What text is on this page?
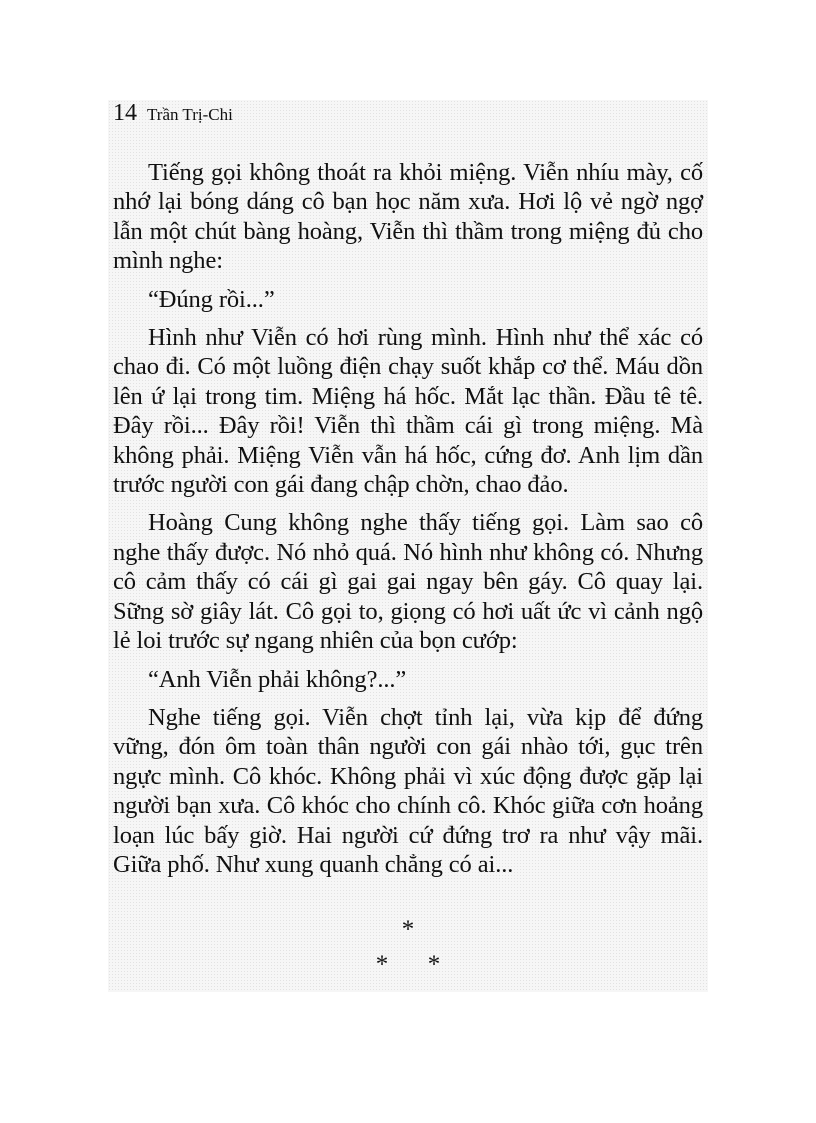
14 Trần Trị-Chi

Tiếng gọi không thoát ra khỏi miệng. Viễn nhíu mày, cố nhớ lại bóng dáng cô bạn học năm xưa. Hơi lộ vẻ ngờ ngợ lẫn một chút bàng hoàng, Viễn thì thầm trong miệng đủ cho mình nghe:

“Đúng rồi...”

Hình như Viễn có hơi rùng mình. Hình như thể xác có chao đi. Có một luồng điện chạy suốt khắp cơ thể. Máu dồn lên ứ lại trong tim. Miệng há hốc. Mắt lạc thần. Đầu tê tê. Đây rồi... Đây rồi! Viễn thì thầm cái gì trong miệng. Mà không phải. Miệng Viễn vẫn há hốc, cứng đơ. Anh lịm dần trước người con gái đang chập chờn, chao đảo.

Hoàng Cung không nghe thấy tiếng gọi. Làm sao cô nghe thấy được. Nó nhỏ quá. Nó hình như không có. Nhưng cô cảm thấy có cái gì gai gai ngay bên gáy. Cô quay lại. Sững sờ giây lát. Cô gọi to, giọng có hơi uất ức vì cảnh ngộ lẻ loi trước sự ngang nhiên của bọn cướp:

“Anh Viễn phải không?...”

Nghe tiếng gọi. Viễn chợt tỉnh lại, vừa kịp để đứng vững, đón ôm toàn thân người con gái nhào tới, gục trên ngực mình. Cô khóc. Không phải vì xúc động được gặp lại người bạn xưa. Cô khóc cho chính cô. Khóc giữa cơn hoảng loạn lúc bấy giờ. Hai người cứ đứng trơ ra như vậy mãi. Giữa phố. Như xung quanh chẳng có ai...

*
* *
